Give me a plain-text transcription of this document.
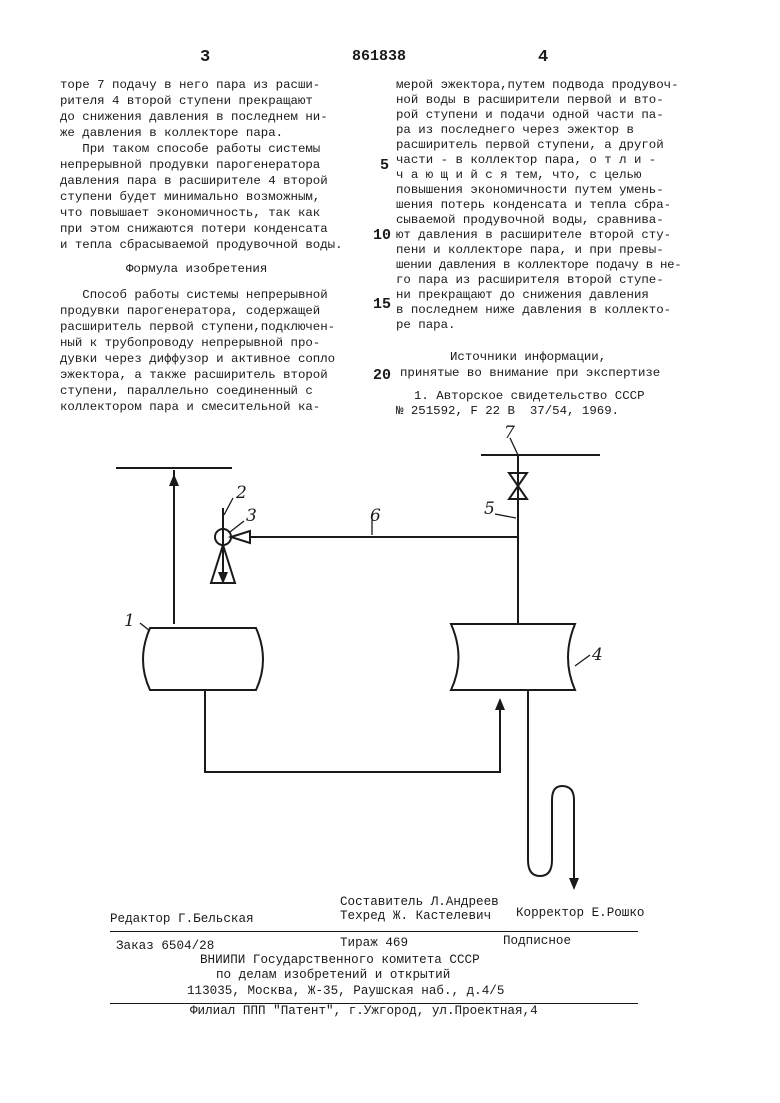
3	861838	4
торе 7 подачу в него пара из расши-
рителя 4 второй ступени прекращают
до снижения давления в последнем ни-
же давления в коллекторе пара.
При таком способе работы системы
непрерывной продувки парогенератора
давления пара в расширителе 4 второй
ступени будет минимально возможным,
что повышает экономичность, так как
при этом снижаются потери конденсата
и тепла сбрасываемой продувочной воды.
Формула изобретения
Способ работы системы непрерывной
продувки парогенератора, содержащей
расширитель первой ступени,подключен-
ный к трубопроводу непрерывной про-
дувки через диффузор и активное сопло
эжектора, а также расширитель второй
ступени, параллельно соединенный с
коллектором пара и смесительной ка-
5
10
15
20
мерой эжектора,путем подвода продувоч-
ной воды в расширители первой и вто-
рой ступени и подачи одной части па-
ра из последнего через эжектор в
расширитель первой ступени, а другой
части - в коллектор пара, о т л и -
ч а ю щ и й с я тем, что, с целью
повышения экономичности путем умень-
шения потерь конденсата и тепла сбра-
сываемой продувочной воды, сравнива-
ют давления в расширителе второй сту-
пени и коллекторе пара, и при превы-
шении давления в коллекторе подачу в не-
го пара из расширителя второй ступе-
ни прекращают до снижения давления
в последнем ниже давления в коллекто-
ре пара.
Источники информации,
принятые во внимание при экспертизе
1. Авторское свидетельство СССР
№ 251592, F 22 B  37/54, 1969.
1
2
3
4
5
6
7
Составитель Л.Андреев
Редактор Г.Бельская	Техред Ж. Кастелевич Корректор Е.Рошко
Заказ 6504/28	Тираж 469	Подписное
ВНИИПИ Государственного комитета СССР
по делам изобретений и открытий
113035, Москва, Ж-35, Раушская наб., д.4/5
Филиал ППП "Патент", г.Ужгород, ул.Проектная,4
